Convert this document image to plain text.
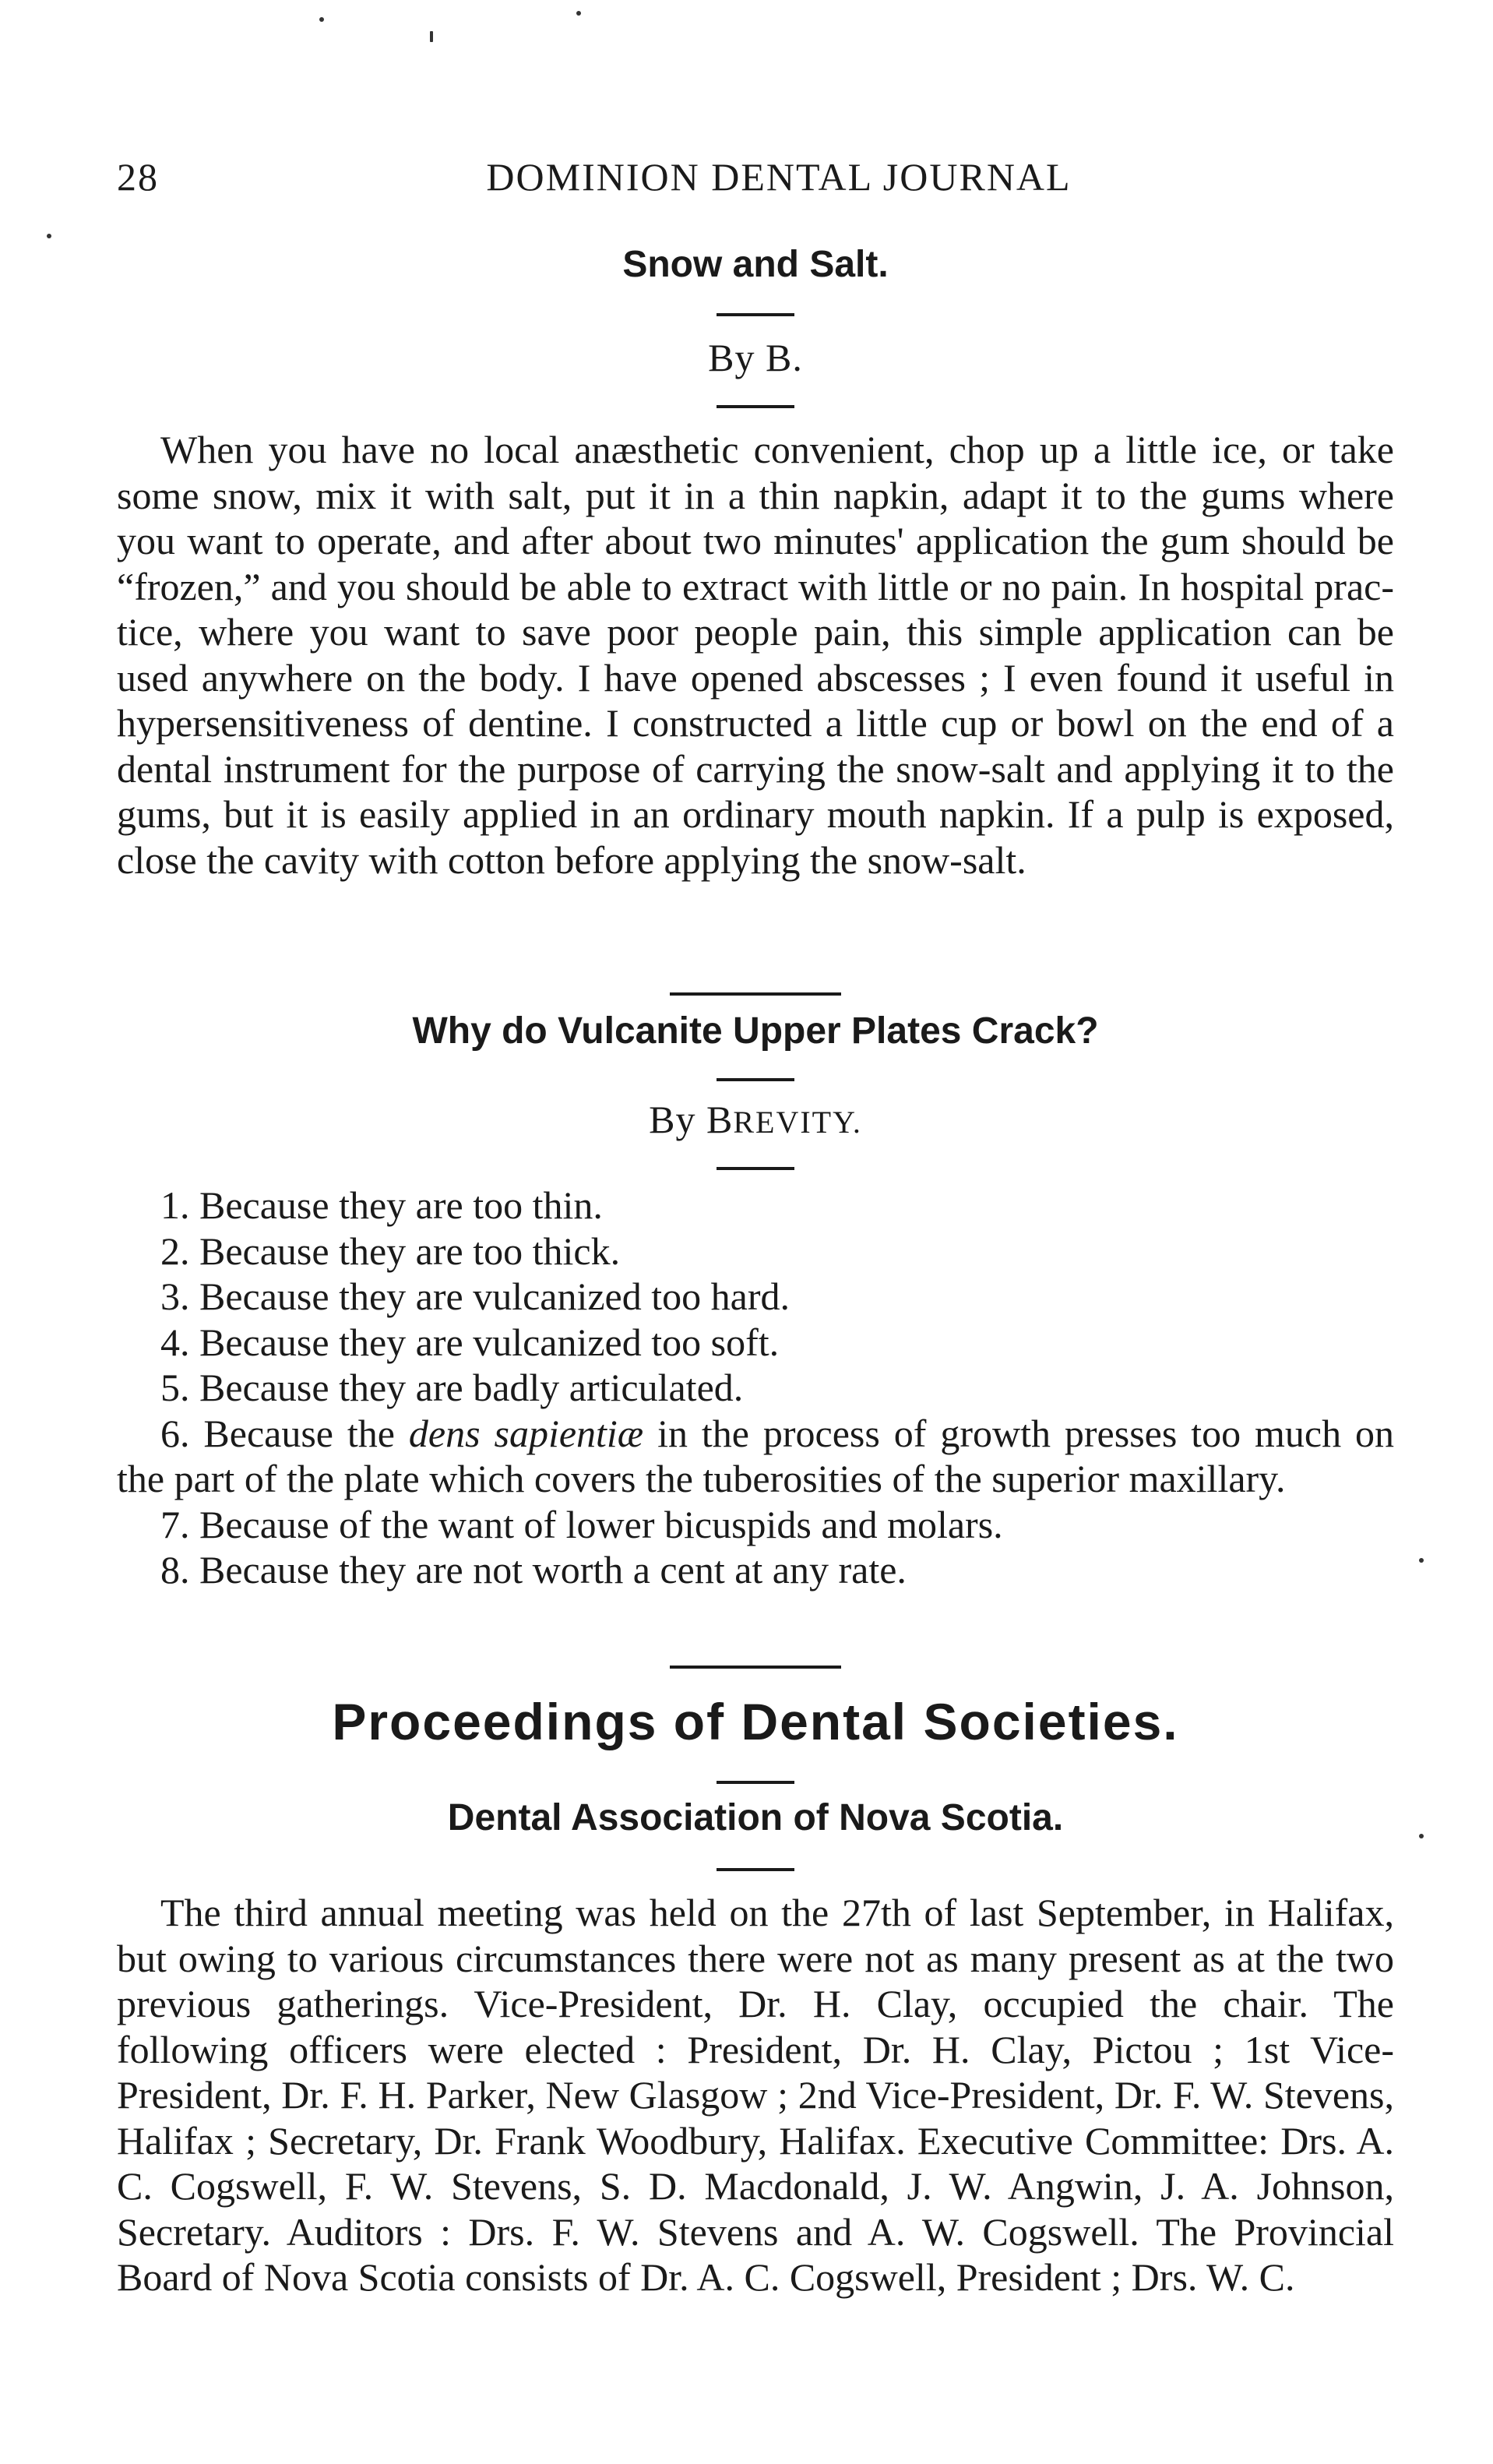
28	DOMINION DENTAL JOURNAL
Snow and Salt.
By B.
When you have no local anæsthetic convenient, chop up a little ice, or take some snow, mix it with salt, put it in a thin napkin, adapt it to the gums where you want to operate, and after about two minutes' application the gum should be “frozen,” and you should be able to extract with little or no pain. In hospital practice, where you want to save poor people pain, this simple application can be used anywhere on the body. I have opened abscesses ; I even found it useful in hypersensitiveness of dentine. I constructed a little cup or bowl on the end of a dental instrument for the purpose of carrying the snow-salt and applying it to the gums, but it is easily applied in an ordinary mouth napkin. If a pulp is exposed, close the cavity with cotton before applying the snow-salt.
Why do Vulcanite Upper Plates Crack?
By BREVITY.
1. Because they are too thin.
2. Because they are too thick.
3. Because they are vulcanized too hard.
4. Because they are vulcanized too soft.
5. Because they are badly articulated.
6. Because the dens sapientiæ in the process of growth presses too much on the part of the plate which covers the tuberosities of the superior maxillary.
7. Because of the want of lower bicuspids and molars.
8. Because they are not worth a cent at any rate.
Proceedings of Dental Societies.
Dental Association of Nova Scotia.
The third annual meeting was held on the 27th of last September, in Halifax, but owing to various circumstances there were not as many present as at the two previous gatherings. Vice-President, Dr. H. Clay, occupied the chair. The following officers were elected : President, Dr. H. Clay, Pictou ; 1st Vice-President, Dr. F. H. Parker, New Glasgow ; 2nd Vice-President, Dr. F. W. Stevens, Halifax ; Secretary, Dr. Frank Woodbury, Halifax. Executive Committee: Drs. A. C. Cogswell, F. W. Stevens, S. D. Macdonald, J. W. Angwin, J. A. Johnson, Secretary. Auditors : Drs. F. W. Stevens and A. W. Cogswell. The Provincial Board of Nova Scotia consists of Dr. A. C. Cogswell, President ; Drs. W. C.
